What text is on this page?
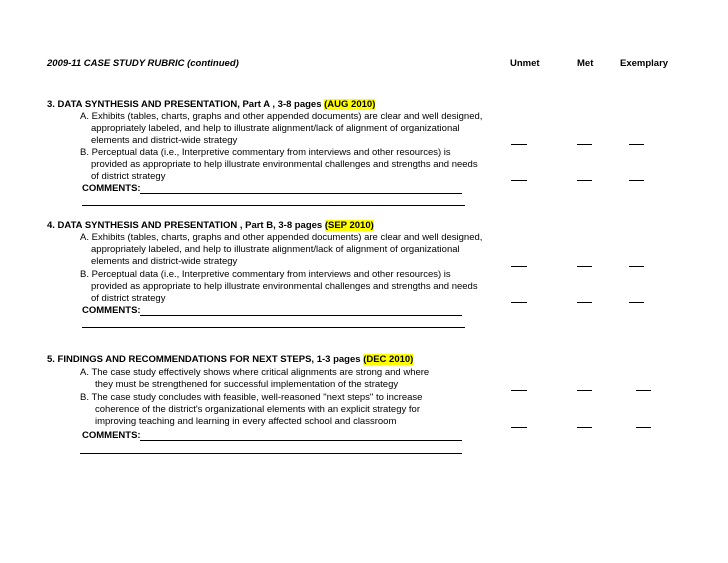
2009-11 CASE STUDY RUBRIC (continued)	Unmet	Met	Exemplary
3. DATA SYNTHESIS AND PRESENTATION, Part A , 3-8 pages (AUG 2010)
A. Exhibits (tables, charts, graphs and other appended documents) are clear and well designed,
appropriately labeled, and help to illustrate alignment/lack of alignment of organizational
elements and district-wide strategy
B. Perceptual data (i.e., Interpretive commentary from interviews and other resources) is
provided as appropriate to help illustrate environmental challenges and strengths and needs
of district strategy
COMMENTS:
4. DATA SYNTHESIS AND PRESENTATION , Part B, 3-8 pages (SEP 2010)
A. Exhibits (tables, charts, graphs and other appended documents) are clear and well designed,
appropriately labeled, and help to illustrate alignment/lack of alignment of organizational
elements and district-wide strategy
B. Perceptual data (i.e., Interpretive commentary from interviews and other resources) is
provided as appropriate to help illustrate environmental challenges and strengths and needs
of district strategy
COMMENTS:
5. FINDINGS AND RECOMMENDATIONS FOR NEXT STEPS, 1-3 pages (DEC 2010)
A. The case study effectively shows where critical alignments are strong and where
they must be strengthened for successful implementation of the strategy
B. The case study concludes with feasible, well-reasoned "next steps" to increase
coherence of the district's organizational elements with an explicit strategy for
improving teaching and learning in every affected school and classroom
COMMENTS:
